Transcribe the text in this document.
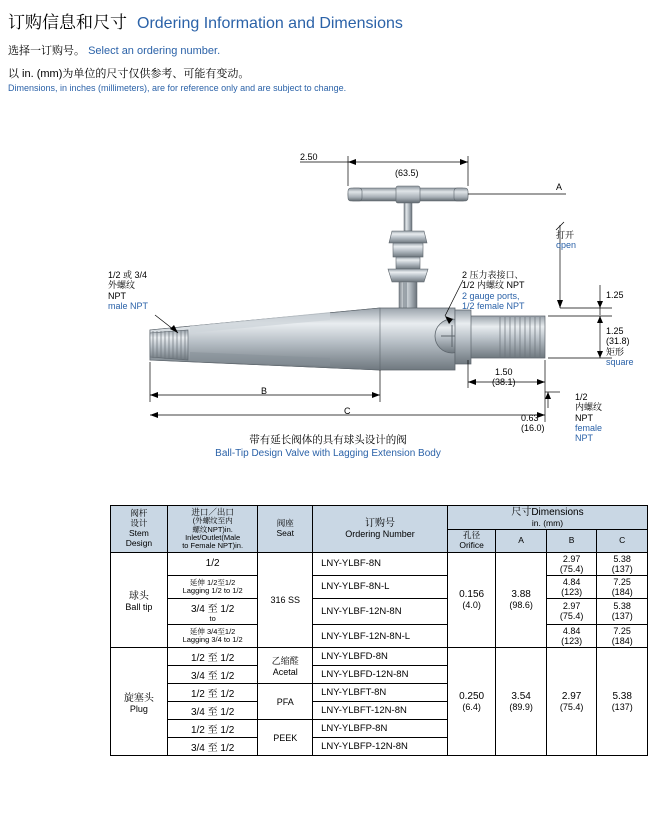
订购信息和尺寸 Ordering Information and Dimensions
选择一订购号。 Select an ordering number.
以 in. (mm)为单位的尺寸仅供参考、可能有变动。
Dimensions, in inches (millimeters), are for reference only and are subject to change.
2.50
(63.5)
A
打开
open
1/2 或 3/4
外螺纹
NPT
male NPT
2 压力表接口、
1/2 内螺纹 NPT
2 gauge ports,
1/2 female NPT
1.25
1.25
(31.8)
矩形
square
1.50
(38.1)
0.63
(16.0)
1/2
内螺纹
NPT
female
NPT
B
C
带有延长阀体的具有球头设计的阀
Ball-Tip Design Valve with Lagging Extension Body
阀杆
设计
Stem
Design	进口／出口
(外螺纹至内
螺纹NPT)in.
Inlet/Outlet(Male
to Female NPT)in.	阀座
Seat	订购号
Ordering Number	尺寸Dimensions
in. (mm)			

				孔径
Orifice	A	B	C

球头
Ball tip	1/2	316 SS	LNY-YLBF-8N	0.156
(4.0)	3.88
(98.6)	2.97
(75.4)	5.38
(137)

	延伸 1/2至1/2
Lagging 1/2 to 1/2		LNY-YLBF-8N-L			4.84
(123)	7.25
(184)

	3/4 至 1/2
to		LNY-YLBF-12N-8N			2.97
(75.4)	5.38
(137)

	延伸 3/4至1/2
Lagging 3/4 to 1/2		LNY-YLBF-12N-8N-L			4.84
(123)	7.25
(184)

旋塞头
Plug	1/2 至 1/2	乙缩醛
Acetal	LNY-YLBFD-8N	0.250
(6.4)	3.54
(89.9)	2.97
(75.4)	5.38
(137)

	3/4 至 1/2		LNY-YLBFD-12N-8N				
	1/2 至 1/2	PFA	LNY-YLBFT-8N				
	3/4 至 1/2		LNY-YLBFT-12N-8N				
	1/2 至 1/2	PEEK	LNY-YLBFP-8N				
	3/4 至 1/2		LNY-YLBFP-12N-8N				
